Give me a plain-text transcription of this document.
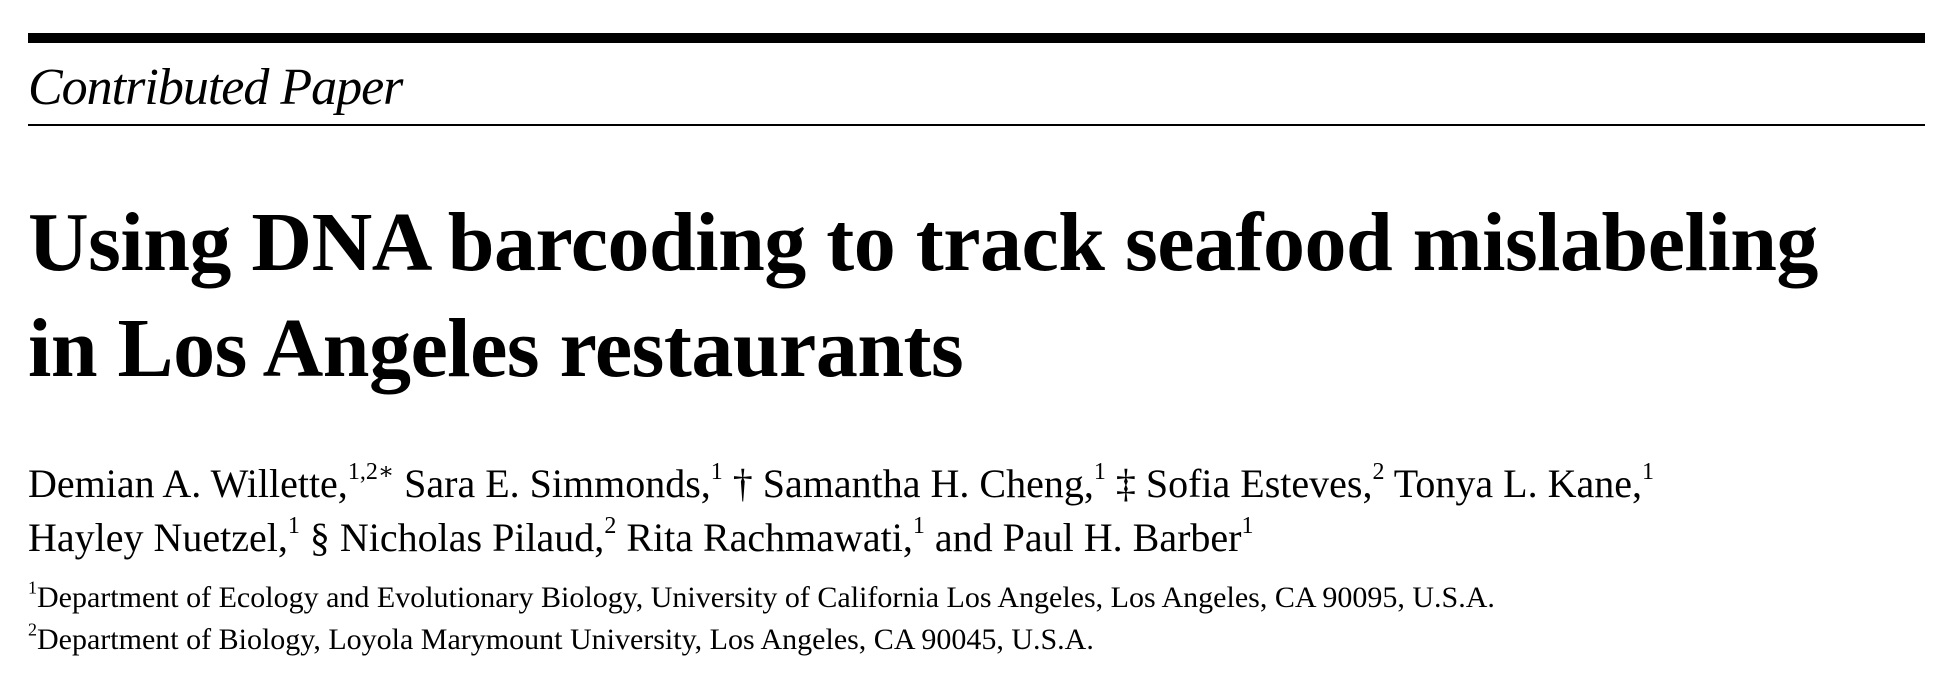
Contributed Paper
Using DNA barcoding to track seafood mislabeling
in Los Angeles restaurants
Demian A. Willette,$^{1,2∗}$ Sara E. Simmonds,$^1$ † Samantha H. Cheng,$^1$ ‡ Sofia Esteves,$^2$ Tonya L. Kane,$^1$
Hayley Nuetzel,$^1$ § Nicholas Pilaud,$^2$ Rita Rachmawati,$^1$ and Paul H. Barber$^1$
$^1$Department of Ecology and Evolutionary Biology, University of California Los Angeles, Los Angeles, CA 90095, U.S.A.
$^2$Department of Biology, Loyola Marymount University, Los Angeles, CA 90045, U.S.A.
